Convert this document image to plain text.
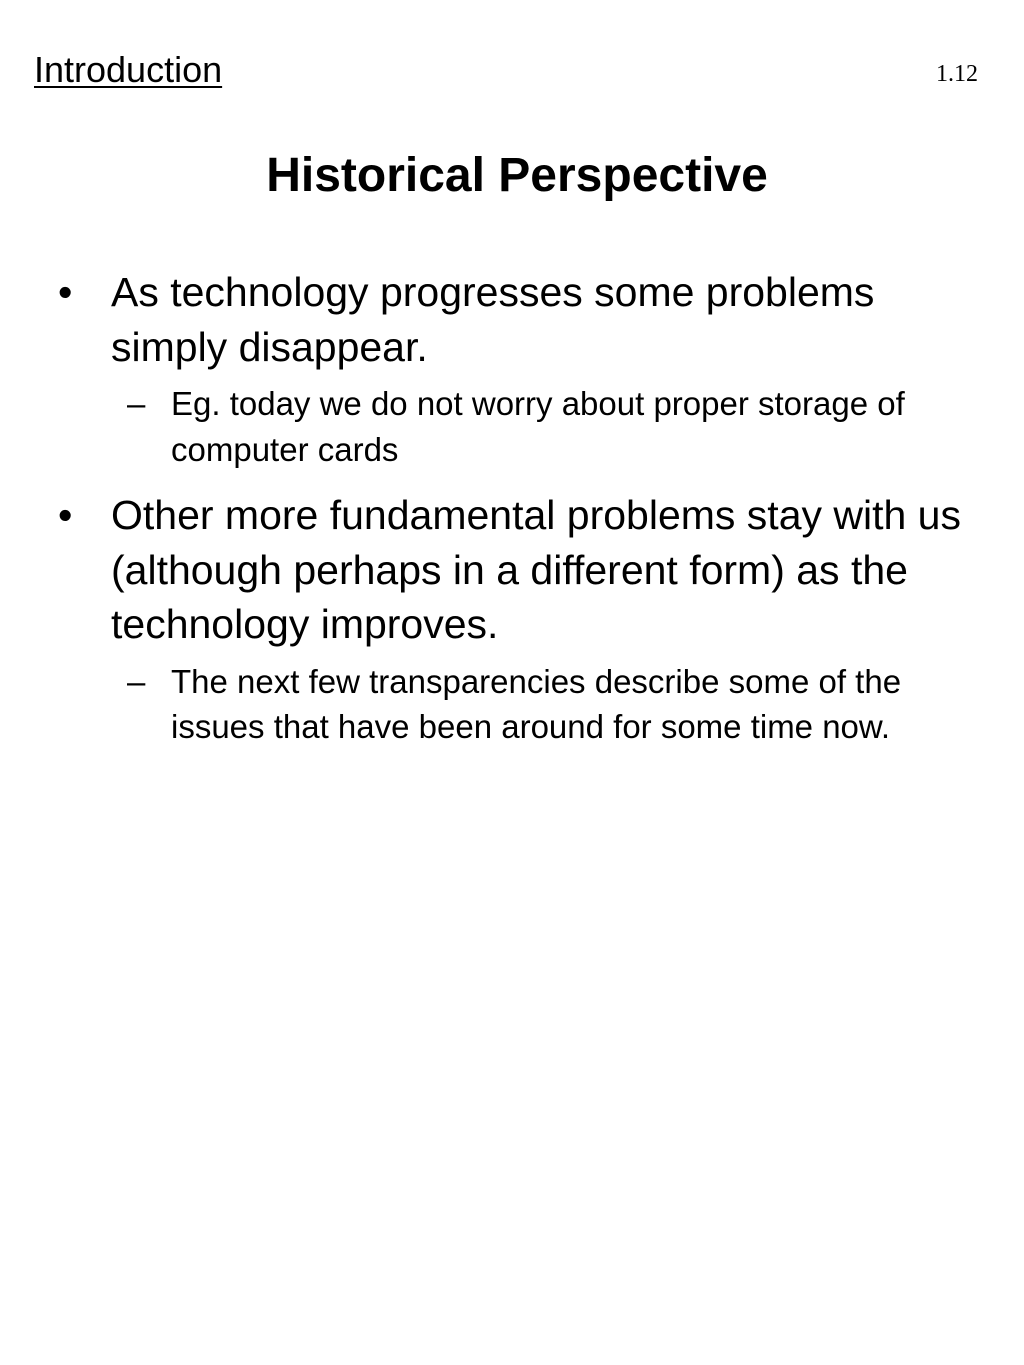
Introduction	1.12
Historical Perspective
• As technology progresses some problems simply disappear.
– Eg. today we do not worry about proper storage of computer cards
• Other more fundamental problems stay with us (although perhaps in a different form) as the technology improves.
– The next few transparencies describe some of the issues that have been around for some time now.
